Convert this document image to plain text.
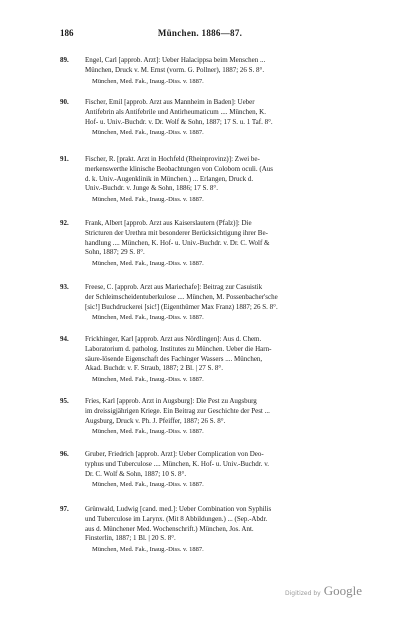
186	München. 1886—87.
89. Engel, Carl [approb. Arzt]: Ueber Halacippsa beim Menschen ...
München, Druck v. M. Ernst (vorm. G. Pollner), 1887; 26 S. 8°.
München, Med. Fak., Inaug.-Diss. v. 1887.
90. Fischer, Emil [approb. Arzt aus Mannheim in Baden]: Ueber
Antifebrin als Antifebrile und Antirheumaticum .... München, K.
Hof- u. Univ.-Buchdr. v. Dr. Wolf & Sohn, 1887; 17 S. u. 1 Taf. 8°.
München, Med. Fak., Inaug.-Diss. v. 1887.
91. Fischer, R. [prakt. Arzt in Hochfeld (Rheinprovinz)]: Zwei be-
merkenswerthe klinische Beobachtungen von Colobom oculi. (Aus
d. k. Univ.-Augenklinik in München.) ... Erlangen, Druck d.
Univ.-Buchdr. v. Junge & Sohn, 1886; 17 S. 8°.
München, Med. Fak., Inaug.-Diss. v. 1887.
92. Frank, Albert [approb. Arzt aus Kaiserslautern (Pfalz)]: Die
Stricturen der Urethra mit besonderer Berücksichtigung ihrer Be-
handlung .... München, K. Hof- u. Univ.-Buchdr. v. Dr. C. Wolf &
Sohn, 1887; 29 S. 8°.
München, Med. Fak., Inaug.-Diss. v. 1887.
93. Freese, C. [approb. Arzt aus Mariechafe]: Beitrag zur Casuistik
der Schleimscheidentuberkulose .... München, M. Possenbacher'sche
[sic!] Buchdruckerei [sic!] (Eigenthümer Max Franz) 1887; 26 S. 8°.
München, Med. Fak., Inaug.-Diss. v. 1887.
94. Frickhinger, Karl [approb. Arzt aus Nördlingen]: Aus d. Chem.
Laboratorium d. patholog. Institutes zu München. Ueber die Harn-
säure-lösende Eigenschaft des Fachinger Wassers .... München,
Akad. Buchdr. v. F. Straub, 1887; 2 Bl. | 27 S. 8°.
München, Med. Fak., Inaug.-Diss. v. 1887.
95. Fries, Karl [approb. Arzt in Augsburg]: Die Pest zu Augsburg
im dreissigjährigen Kriege. Ein Beitrag zur Geschichte der Pest ...
Augsburg, Druck v. Ph. J. Pfeiffer, 1887; 26 S. 8°.
München, Med. Fak., Inaug.-Diss. v. 1887.
96. Gruber, Friedrich [approb. Arzt]: Ueber Complication von Deo-
typhus und Tuberculose .... München, K. Hof- u. Univ.-Buchdr. v.
Dr. C. Wolf & Sohn, 1887; 10 S. 8°.
München, Med. Fak., Inaug.-Diss. v. 1887.
97. Grünwald, Ludwig [cand. med.]: Ueber Combination von Syphilis
und Tuberculose im Larynx. (Mit 8 Abbildungen.) ... (Sep.-Abdr.
aus d. Münchener Med. Wochenschrift.) München, Jos. Ant.
Finsterlin, 1887; 1 Bl. | 20 S. 8°.
München, Med. Fak., Inaug.-Diss. v. 1887.
Digitized by Google
